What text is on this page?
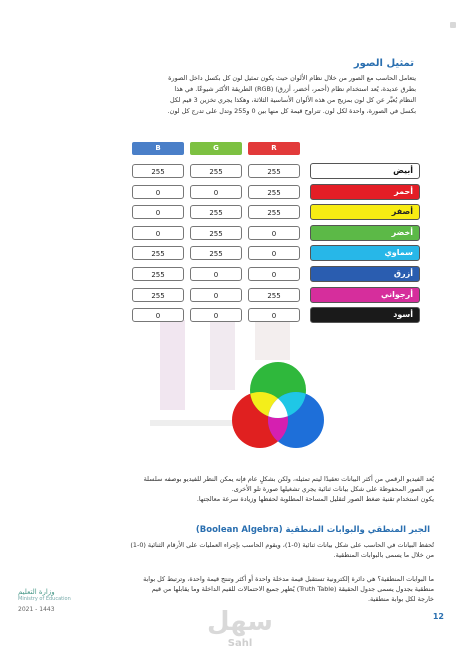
تمثيل الصور
يتعامل الحاسب مع الصور من خلال نظام الألوان حيث يكون تمثيل لون كل بكسل داخل الصورة
بطرق عديدة، يُعد استخدام نظام (أحمر، أخضر، أزرق) (RGB) الطريقة الأكثر شيوعًا. في هذا
النظام يُعبَّر عن كل لون بمزيج من هذه الألوان الأساسية الثلاثة، وهكذا يجري تخزين 3 قيم لكل
بكسل في الصورة، واحدة لكل لون. تتراوح قيمة كل منها بين 0 و255 وتدل على تدرج كل لون.
B	G	R
255	255	255	أبيض
0	0	255	أحمر
0	255	255	أصفر
0	255	0	أخضر
255	255	0	سماوي
255	0	0	أزرق
255	0	255	أرجواني
0	0	0	أسود
يُعد الفيديو الرقمي من أكثر البيانات تعقيدًا ليتم تمثيله، ولكن بشكلٍ عام فإنه يمكن النظر للفيديو بوصفه سلسلة
من الصور المحفوظة على شكل بيانات ثنائية يجري تشغيلها صورة تلو الأخرى.
يكون استخدام تقنية ضغط الصور لتقليل المساحة المطلوبة لحفظها وزيادة سرعة معالجتها.
الجبر المنطقي والبوابات المنطقية (Boolean Algebra)
تُحفظ البيانات في الحاسب على شكل بيانات ثنائية (0-1)، ويقوم الحاسب بإجراء العمليات على الأرقام الثنائية (0-1)
من خلال ما يسمى بالبوابات المنطقية.
ما البوابات المنطقية؟ هي دائرة إلكترونية تستقبل قيمة مدخلة واحدة أو أكثر وتنتج قيمة واحدة، وترتبط كل بوابة
منطقية بجدول يسمى جدول الحقيقة (Truth Table) يُظهر جميع الاحتمالات للقيم الداخلة وما يقابلها من قيم
خارجة لكل بوابة منطقية.
وزارة التعليم
Ministry of Education
2021 - 1443
12
سهل
Sahl
